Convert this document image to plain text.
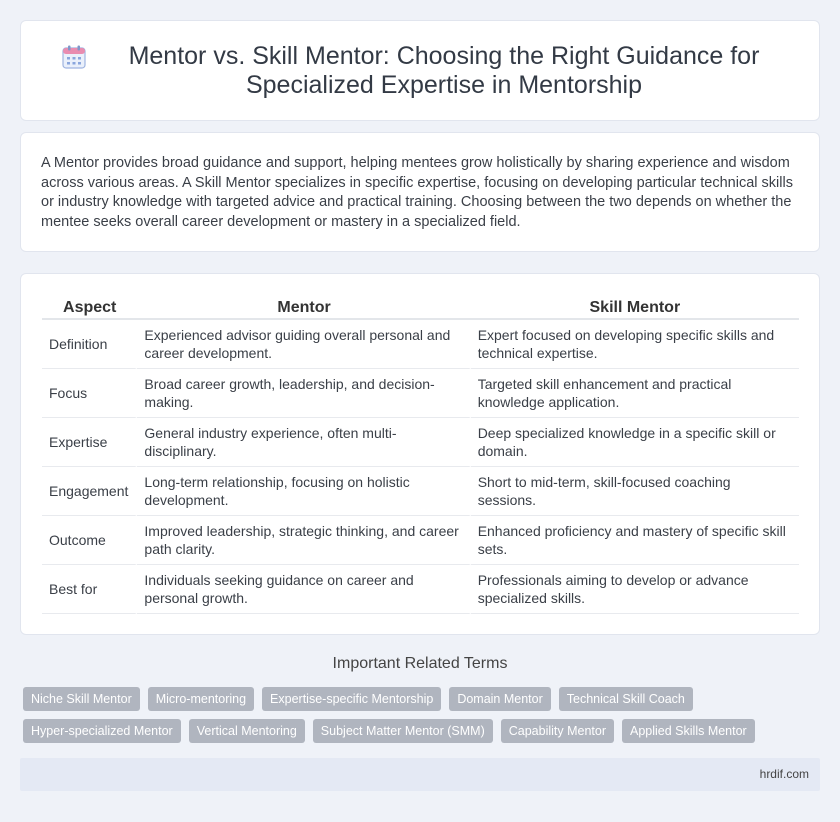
Mentor vs. Skill Mentor: Choosing the Right Guidance for Specialized Expertise in Mentorship

A Mentor provides broad guidance and support, helping mentees grow holistically by sharing experience and wisdom across various areas. A Skill Mentor specializes in specific expertise, focusing on developing particular technical skills or industry knowledge with targeted advice and practical training. Choosing between the two depends on whether the mentee seeks overall career development or mastery in a specialized field.

Aspect	Mentor	Skill Mentor
Definition	Experienced advisor guiding overall personal and career development.	Expert focused on developing specific skills and technical expertise.
Focus	Broad career growth, leadership, and decision-making.	Targeted skill enhancement and practical knowledge application.
Expertise	General industry experience, often multi-disciplinary.	Deep specialized knowledge in a specific skill or domain.
Engagement	Long-term relationship, focusing on holistic development.	Short to mid-term, skill-focused coaching sessions.
Outcome	Improved leadership, strategic thinking, and career path clarity.	Enhanced proficiency and mastery of specific skill sets.
Best for	Individuals seeking guidance on career and personal growth.	Professionals aiming to develop or advance specialized skills.
Important Related Terms
Niche Skill Mentor	Micro-mentoring	Expertise-specific Mentorship	Domain Mentor	Technical Skill Coach
Hyper-specialized Mentor	Vertical Mentoring	Subject Matter Mentor (SMM)	Capability Mentor	Applied Skills Mentor
hrdif.com
